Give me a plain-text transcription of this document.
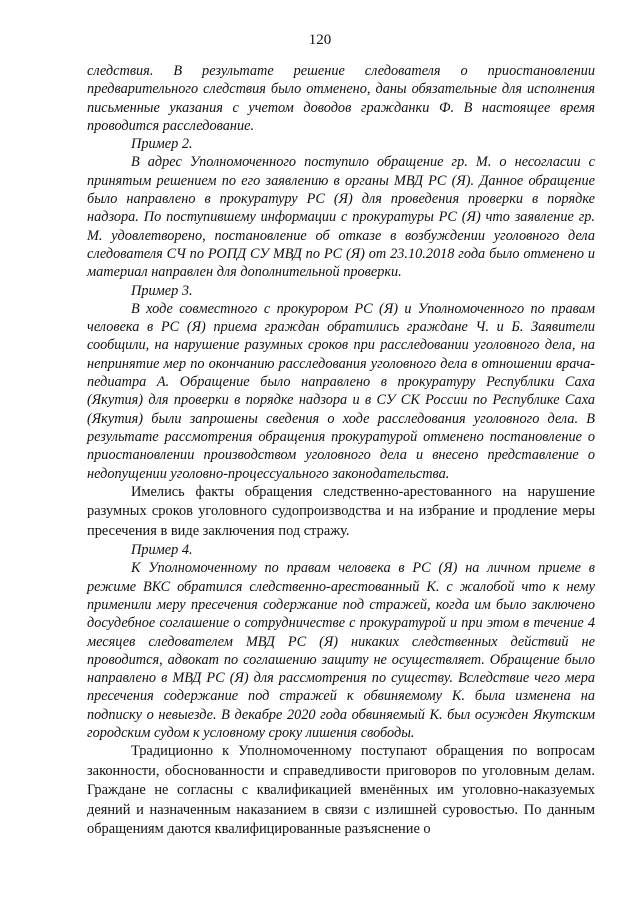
120

следствия. В результате решение следователя о приостановлении предварительного следствия было отменено, даны обязательные для исполнения письменные указания с учетом доводов гражданки Ф. В настоящее время проводится расследование.

Пример 2.

В адрес Уполномоченного поступило обращение гр. М. о несогласии с принятым решением по его заявлению в органы МВД РС (Я). Данное обращение было направлено в прокуратуру РС (Я) для проведения проверки в порядке надзора. По поступившему информации с прокуратуры РС (Я) что заявление гр. М. удовлетворено, постановление об отказе в возбуждении уголовного дела следователя СЧ по РОПД СУ МВД по РС (Я) от 23.10.2018 года было отменено и материал направлен для дополнительной проверки.

Пример 3.

В ходе совместного с прокурором РС (Я) и Уполномоченного по правам человека в РС (Я) приема граждан обратились граждане Ч. и Б. Заявители сообщили, на нарушение разумных сроков при расследовании уголовного дела, на непринятие мер по окончанию расследования уголовного дела в отношении врача-педиатра А. Обращение было направлено в прокуратуру Республики Саха (Якутия) для проверки в порядке надзора и в СУ СК России по Республике Саха (Якутия) были запрошены сведения о ходе расследования уголовного дела. В результате рассмотрения обращения прокуратурой отменено постановление о приостановлении производством уголовного дела и внесено представление о недопущении уголовно-процессуального законодательства.

Имелись факты обращения следственно-арестованного на нарушение разумных сроков уголовного судопроизводства и на избрание и продление меры пресечения в виде заключения под стражу.

Пример 4.

К Уполномоченному по правам человека в РС (Я) на личном приеме в режиме ВКС обратился следственно-арестованный К. с жалобой что к нему применили меру пресечения содержание под стражей, когда им было заключено досудебное соглашение о сотрудничестве с прокуратурой и при этом в течение 4 месяцев следователем МВД РС (Я) никаких следственных действий не проводится, адвокат по соглашению защиту не осуществляет. Обращение было направлено в МВД РС (Я) для рассмотрения по существу. Вследствие чего мера пресечения содержание под стражей к обвиняемому К. была изменена на подписку о невыезде. В декабре 2020 года обвиняемый К. был осужден Якутским городским судом к условному сроку лишения свободы.

Традиционно к Уполномоченному поступают обращения по вопросам законности, обоснованности и справедливости приговоров по уголовным делам. Граждане не согласны с квалификацией вменённых им уголовно-наказуемых деяний и назначенным наказанием в связи с излишней суровостью. По данным обращениям даются квалифицированные разъяснение о
